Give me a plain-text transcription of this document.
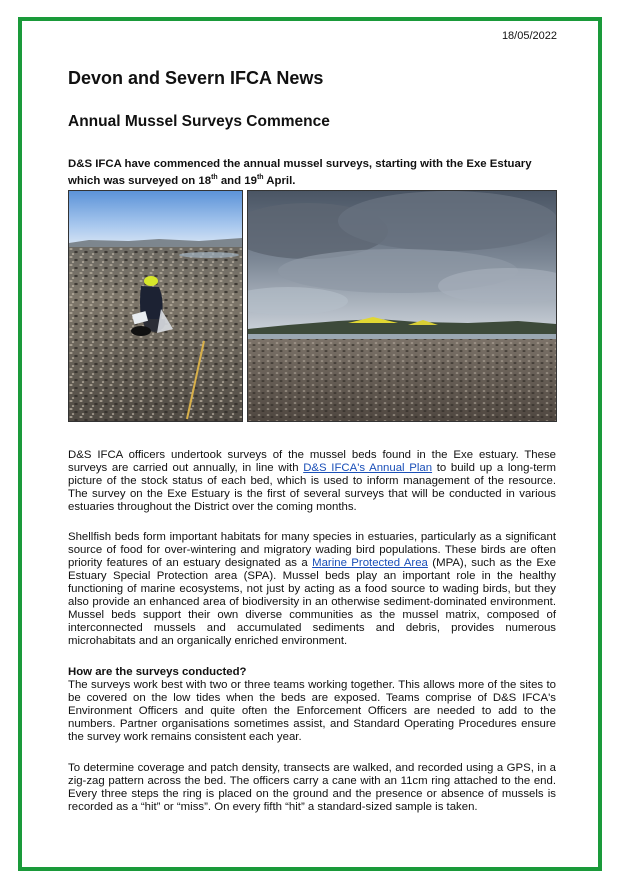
18/05/2022
Devon and Severn IFCA News
Annual Mussel Surveys Commence
D&S IFCA have commenced the annual mussel surveys, starting with the Exe Estuary which was surveyed on 18th and 19th April.
D&S IFCA officers undertook surveys of the mussel beds found in the Exe estuary. These surveys are carried out annually, in line with D&S IFCA's Annual Plan to build up a long-term picture of the stock status of each bed, which is used to inform management of the resource. The survey on the Exe Estuary is the first of several surveys that will be conducted in various estuaries throughout the District over the coming months.
Shellfish beds form important habitats for many species in estuaries, particularly as a significant source of food for over-wintering and migratory wading bird populations. These birds are often priority features of an estuary designated as a Marine Protected Area (MPA), such as the Exe Estuary Special Protection area (SPA). Mussel beds play an important role in the healthy functioning of marine ecosystems, not just by acting as a food source to wading birds, but they also provide an enhanced area of biodiversity in an otherwise sediment-dominated environment. Mussel beds support their own diverse communities as the mussel matrix, composed of interconnected mussels and accumulated sediments and debris, provides numerous microhabitats and an organically enriched environment.
How are the surveys conducted?
The surveys work best with two or three teams working together. This allows more of the sites to be covered on the low tides when the beds are exposed. Teams comprise of D&S IFCA's Environment Officers and quite often the Enforcement Officers are needed to add to the numbers. Partner organisations sometimes assist, and Standard Operating Procedures ensure the survey work remains consistent each year.
To determine coverage and patch density, transects are walked, and recorded using a GPS, in a zig-zag pattern across the bed. The officers carry a cane with an 11cm ring attached to the end. Every three steps the ring is placed on the ground and the presence or absence of mussels is recorded as a “hit” or “miss”. On every fifth “hit” a standard-sized sample is taken.
